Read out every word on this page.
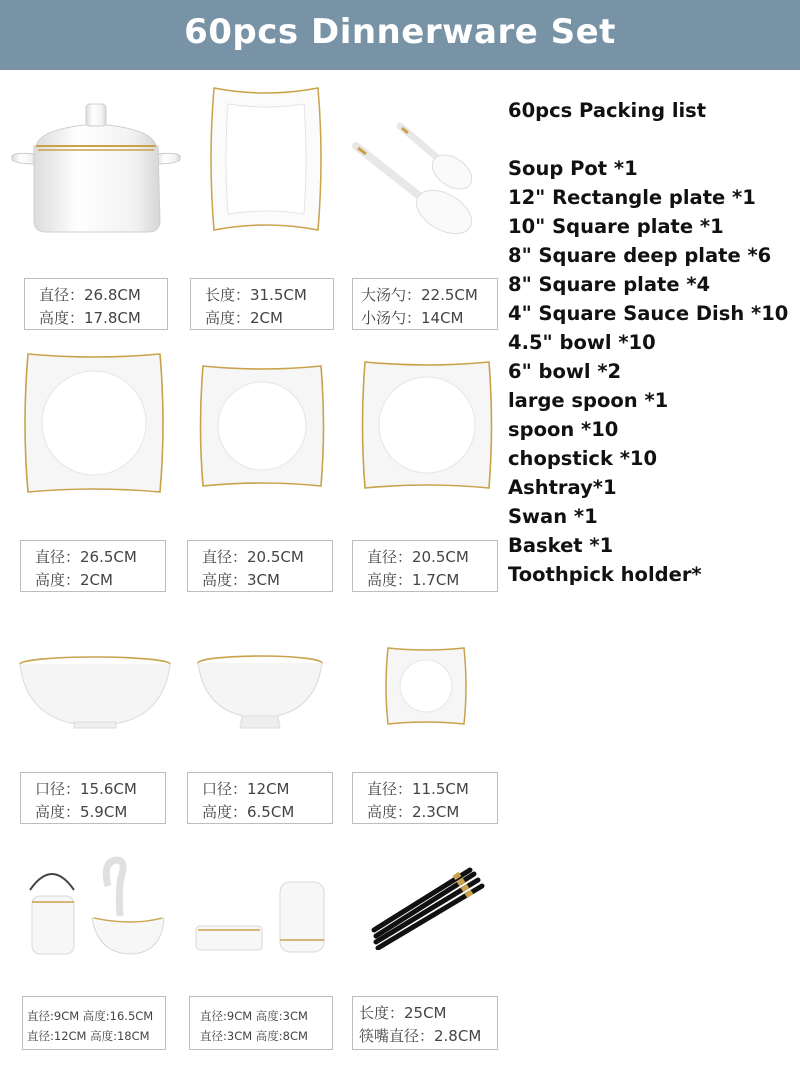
60pcs Dinnerware Set
60pcs Packing list
Soup Pot *1
12" Rectangle plate *1
10" Square plate *1
8" Square deep plate *6
8" Square plate *4
4" Square Sauce Dish *10
4.5" bowl *10
6" bowl *2
large spoon *1
spoon *10
chopstick *10
Ashtray*1
Swan *1
Basket *1
Toothpick holder*
直径：26.8CM
高度：17.8CM
长度：31.5CM
高度：2CM
大汤勺：22.5CM
小汤勺：14CM
直径：26.5CM
高度：2CM
直径：20.5CM
高度：3CM
直径：20.5CM
高度：1.7CM
口径：15.6CM
高度：5.9CM
口径：12CM
高度：6.5CM
直径：11.5CM
高度：2.3CM
直径:9CM 高度:16.5CM
直径:12CM 高度:18CM
直径:9CM 高度:3CM
直径:3CM 高度:8CM
长度：25CM
筷嘴直径：2.8CM
